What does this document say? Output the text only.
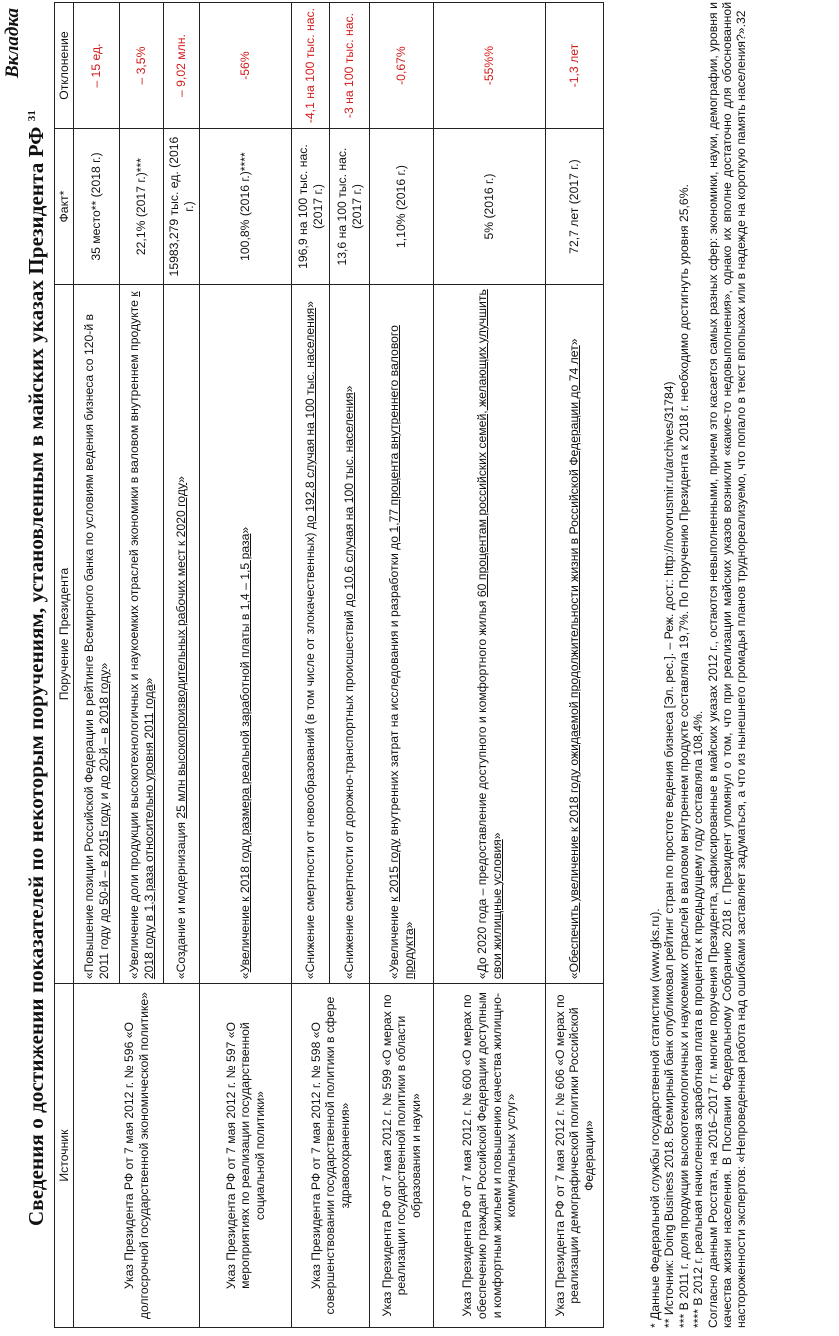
Вкладка
Сведения о достижении показателей по некоторым поручениям, установленным в майских указах Президента РФ $^{31}$
Источник	Поручение Президента	Факт*	Отклонение
Указ Президента РФ от 7 мая 2012 г. № 596 «О долгосрочной государственной экономической политике»	«Повышение позиции Российской Федерации в рейтинге Всемирного банка по условиям ведения бизнеса со 120-й в 2011 году до 50-й – в 2015 году и до 20-й – в 2018 году»	35 место** (2018 г.)	– 15 ед.
	«Увеличение доли продукции высокотехнологичных и наукоемких отраслей экономики в валовом внутреннем продукте к 2018 году в 1,3 раза относительно уровня 2011 года»	22,1% (2017 г.)***	– 3,5%
	«Создание и модернизация 25 млн высокопроизводительных рабочих мест к 2020 году»	15983,279 тыс. ед. (2016 г.)	– 9,02 млн.
Указ Президента РФ от 7 мая 2012 г. № 597 «О мероприятиях по реализации государственной социальной политики»	«Увеличение к 2018 году размера реальной заработной платы в 1,4 – 1,5 раза»	100,8% (2016 г.)****	-56%
Указ Президента РФ от 7 мая 2012 г. № 598 «О совершенствовании государственной политики в сфере здравоохранения»	«Снижение смертности от новообразований (в том числе от злокачественных) до 192,8 случая на 100 тыс. населения»	196,9 на 100 тыс. нас. (2017 г.)	-4,1 на 100 тыс. нас.
	«Снижение смертности от дорожно-транспортных происшествий до 10,6 случая на 100 тыс. населения»	13,6 на 100 тыс. нас. (2017 г.)	-3 на 100 тыс. нас.
Указ Президента РФ от 7 мая 2012 г. № 599 «О мерах по реализации государственной политики в области образования и науки»	«Увеличение к 2015 году внутренних затрат на исследования и разработки до 1,77 процента внутреннего валового продукта»	1,10% (2016 г.)	-0,67%
Указ Президента РФ от 7 мая 2012 г. № 600 «О мерах по обеспечению граждан Российской Федерации доступным и комфортным жильем и повышению качества жилищно-коммунальных услуг»	«До 2020 года – предоставление доступного и комфортного жилья 60 процентам российских семей, желающих улучшить свои жилищные условия»	5% (2016 г.)	-55%%
Указ Президента РФ от 7 мая 2012 г. № 606 «О мерах по реализации демографической политики Российской Федерации»	«Обеспечить увеличение к 2018 году ожидаемой продолжительности жизни в Российской Федерации до 74 лет»	72,7 лет (2017 г.)	-1,3 лет

* Данные Федеральной службы государственной статистики (www.gks.ru). ** Источник: Doing Business 2018. Всемирный банк опубликовал рейтинг стран по простоте ведения бизнеса [Эл. рес.]. – Реж. дост.: http://novorusmir.ru/archives/31784) *** В 2011 г. доля продукции высокотехнологичных и наукоемких отраслей в валовом внутреннем продукте составляла 19,7%. По Поручению Президента к 2018 г. необходимо достигнуть уровня 25,6%. **** В 2012 г. реальная начисленная заработная плата в процентах к предыдущему году составляла 108,4%. Согласно данным Росстата, на 2016–2017 гг. многие поручения Президента, зафиксированные в майских указах 2012 г., остаются невыполненными, причем это касается самых разных сфер: экономики, науки, демографии, уровня и качества жизни населения. В Послании Федеральному Собранию 2018 г. Президент упомянул о том, что при реализации майских указов возникли «какие-то недовыполнения», однако их вполне достаточно для обоснованной настороженности экспертов: «Непроведенная работа над ошибками заставляет задуматься, а что из нынешнего громадья планов труднореализуемо, что попало в текст впопыхах или в надежде на короткую память населения?».32
